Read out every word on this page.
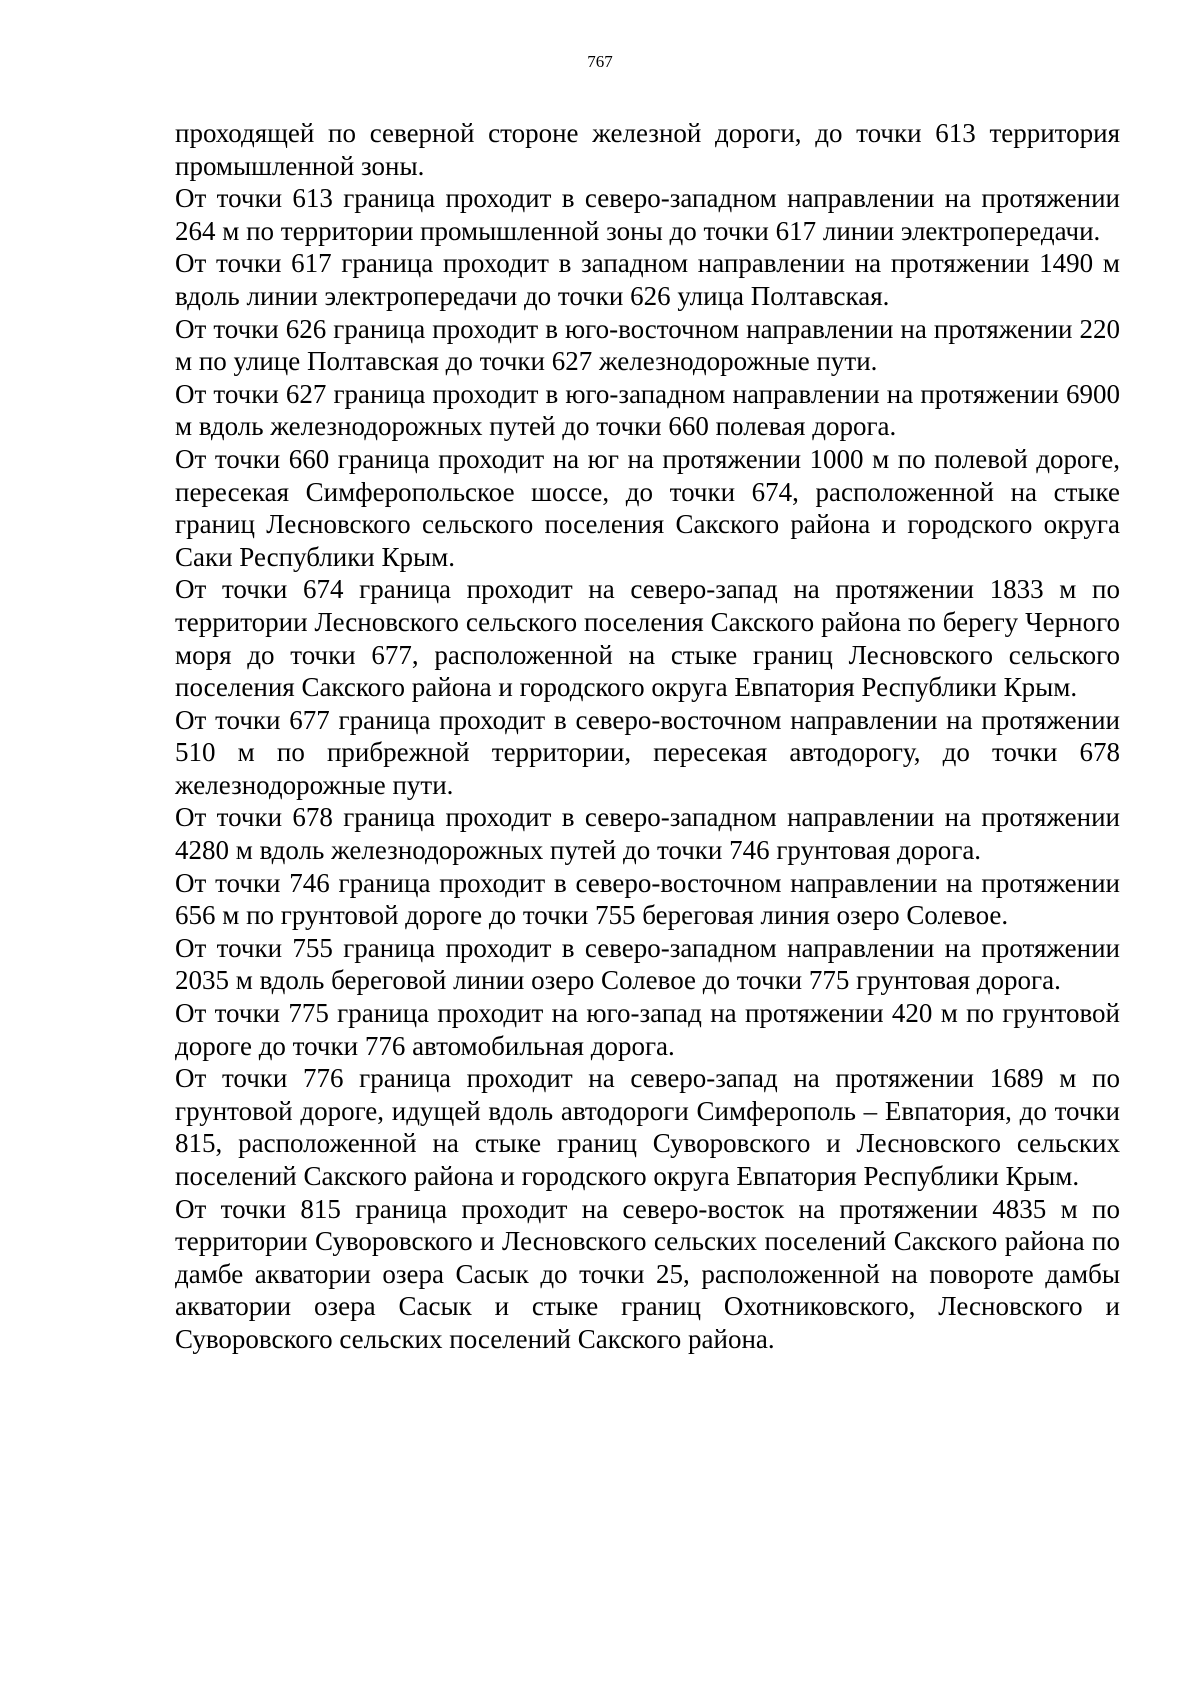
767

проходящей по северной стороне железной дороги, до точки 613 территория промышленной зоны.

От точки 613 граница проходит в северо-западном направлении на протяжении 264 м по территории промышленной зоны до точки 617 линии электропередачи.

От точки 617 граница проходит в западном направлении на протяжении 1490 м вдоль линии электропередачи до точки 626 улица Полтавская.

От точки 626 граница проходит в юго-восточном направлении на протяжении 220 м по улице Полтавская до точки 627 железнодорожные пути.

От точки 627 граница проходит в юго-западном направлении на протяжении 6900 м вдоль железнодорожных путей до точки 660 полевая дорога.

От точки 660 граница проходит на юг на протяжении 1000 м по полевой дороге, пересекая Симферопольское шоссе, до точки 674, расположенной на стыке границ Лесновского сельского поселения Сакского района и городского округа Саки Республики Крым.

От точки 674 граница проходит на северо-запад на протяжении 1833 м по территории Лесновского сельского поселения Сакского района по берегу Черного моря до точки 677, расположенной на стыке границ Лесновского сельского поселения Сакского района и городского округа Евпатория Республики Крым.

От точки 677 граница проходит в северо-восточном направлении на протяжении 510 м по прибрежной территории, пересекая автодорогу, до точки 678 железнодорожные пути.

От точки 678 граница проходит в северо-западном направлении на протяжении 4280 м вдоль железнодорожных путей до точки 746 грунтовая дорога.

От точки 746 граница проходит в северо-восточном направлении на протяжении 656 м по грунтовой дороге до точки 755 береговая линия озеро Солевое.

От точки 755 граница проходит в северо-западном направлении на протяжении 2035 м вдоль береговой линии озеро Солевое до точки 775 грунтовая дорога.

От точки 775 граница проходит на юго-запад на протяжении 420 м по грунтовой дороге до точки 776 автомобильная дорога.

От точки 776 граница проходит на северо-запад на протяжении 1689 м по грунтовой дороге, идущей вдоль автодороги Симферополь – Евпатория, до точки 815, расположенной на стыке границ Суворовского и Лесновского сельских поселений Сакского района и городского округа Евпатория Республики Крым.

От точки 815 граница проходит на северо-восток на протяжении 4835 м по территории Суворовского и Лесновского сельских поселений Сакского района по дамбе акватории озера Сасык до точки 25, расположенной на повороте дамбы акватории озера Сасык и стыке границ Охотниковского, Лесновского и Суворовского сельских поселений Сакского района.
